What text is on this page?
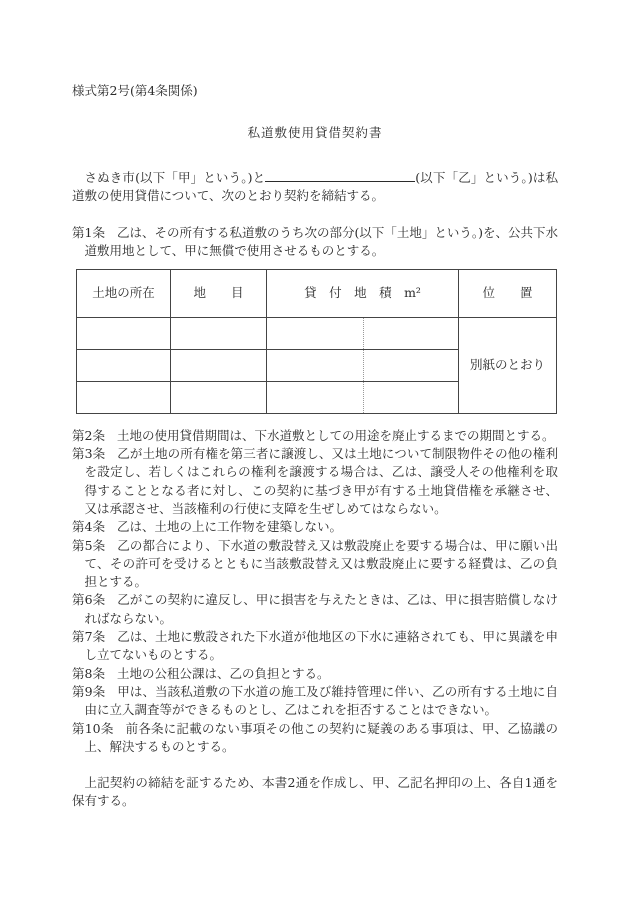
様式第2号(第4条関係)
私道敷使用貸借契約書

さぬき市(以下「甲」という。)と	(以下「乙」という。)は私道敷の使用貸借について、次のとおり契約を締結する。

第1条 乙は、その所有する私道敷のうち次の部分(以下「土地」という。)を、公共下水道敷用地として、甲に無償で使用させるものとする。

土地の所在	地　　目	貸　付　地　積　m²	位　　置
			別紙のとおり

第2条 土地の使用貸借期間は、下水道敷としての用途を廃止するまでの期間とする。

第3条 乙が土地の所有権を第三者に譲渡し、又は土地について制限物件その他の権利を設定し、若しくはこれらの権利を譲渡する場合は、乙は、譲受人その他権利を取得することとなる者に対し、この契約に基づき甲が有する土地貸借権を承継させ、又は承認させ、当該権利の行使に支障を生ぜしめてはならない。

第4条 乙は、土地の上に工作物を建築しない。

第5条 乙の都合により、下水道の敷設替え又は敷設廃止を要する場合は、甲に願い出て、その許可を受けるとともに当該敷設替え又は敷設廃止に要する経費は、乙の負担とする。

第6条 乙がこの契約に違反し、甲に損害を与えたときは、乙は、甲に損害賠償しなければならない。

第7条 乙は、土地に敷設された下水道が他地区の下水に連絡されても、甲に異議を申し立てないものとする。

第8条 土地の公租公課は、乙の負担とする。

第9条 甲は、当該私道敷の下水道の施工及び維持管理に伴い、乙の所有する土地に自由に立入調査等ができるものとし、乙はこれを拒否することはできない。

第10条 前各条に記載のない事項その他この契約に疑義のある事項は、甲、乙協議の上、解決するものとする。

上記契約の締結を証するため、本書2通を作成し、甲、乙記名押印の上、各自1通を保有する。
